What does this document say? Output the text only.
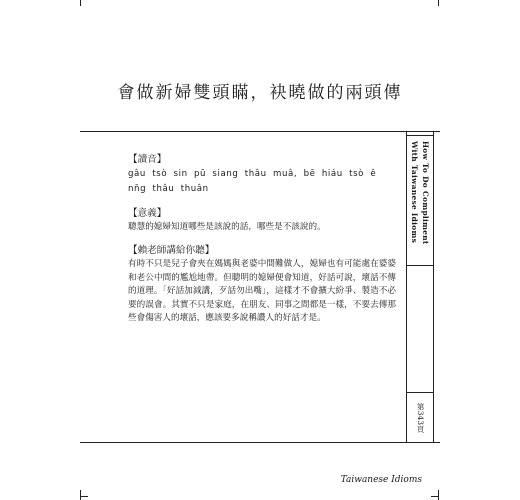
會做新婦雙頭瞞，袂曉做的兩頭傳
【讀音】
gâu tsò sin pū siang thâu muâ, bē hiáu tsò ê nn̄g thâu thuân
【意義】
聰慧的媳婦知道哪些是該說的話，哪些是不該說的。
【賴老師講給你聽】
有時不只是兒子會夾在媽媽與老婆中間難做人，媳婦也有可能處在婆婆和老公中間的尷尬地帶。但聰明的媳婦便會知道，好話可說，壞話不傳的道理。「好話加減講，歹話勿出嘴」，這樣才不會擴大紛爭、製造不必要的誤會。其實不只是家庭，在朋友、同事之間都是一樣，不要去傳那些會傷害人的壞話，應該要多說稱讚人的好話才是。
How To Do Compliment With Taiwanese Idioms
第343頁
Taiwanese Idioms
